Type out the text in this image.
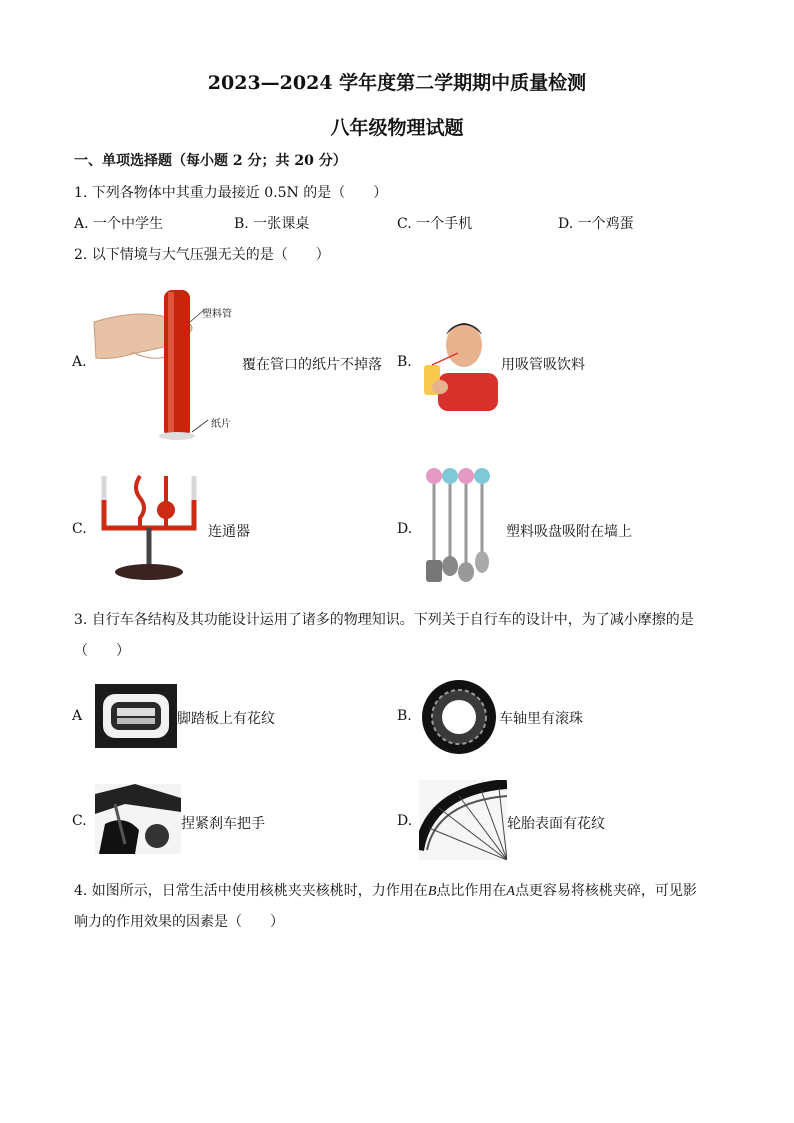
2023—2024 学年度第二学期期中质量检测
八年级物理试题
一、单项选择题（每小题 2 分；共 20 分）
1. 下列各物体中其重力最接近 0.5N 的是（　　）
A. 一个中学生	B. 一张课桌	C. 一个手机	D. 一个鸡蛋
2. 以下情境与大气压强无关的是（　　）
A.
塑料管
纸片
覆在管口的纸片不掉落 B.	用吸管吸饮料
C.	连通器	D.	塑料吸盘吸附在墙上
3. 自行车各结构及其功能设计运用了诸多的物理知识。下列关于自行车的设计中，为了减小摩擦的是
（　　）
A	脚踏板上有花纹	B.	车轴里有滚珠
C.	捏紧刹车把手	D.	轮胎表面有花纹
4. 如图所示，日常生活中使用核桃夹夹核桃时，力作用在B点比作用在A点更容易将核桃夹碎，可见影
响力的作用效果的因素是（　　）
